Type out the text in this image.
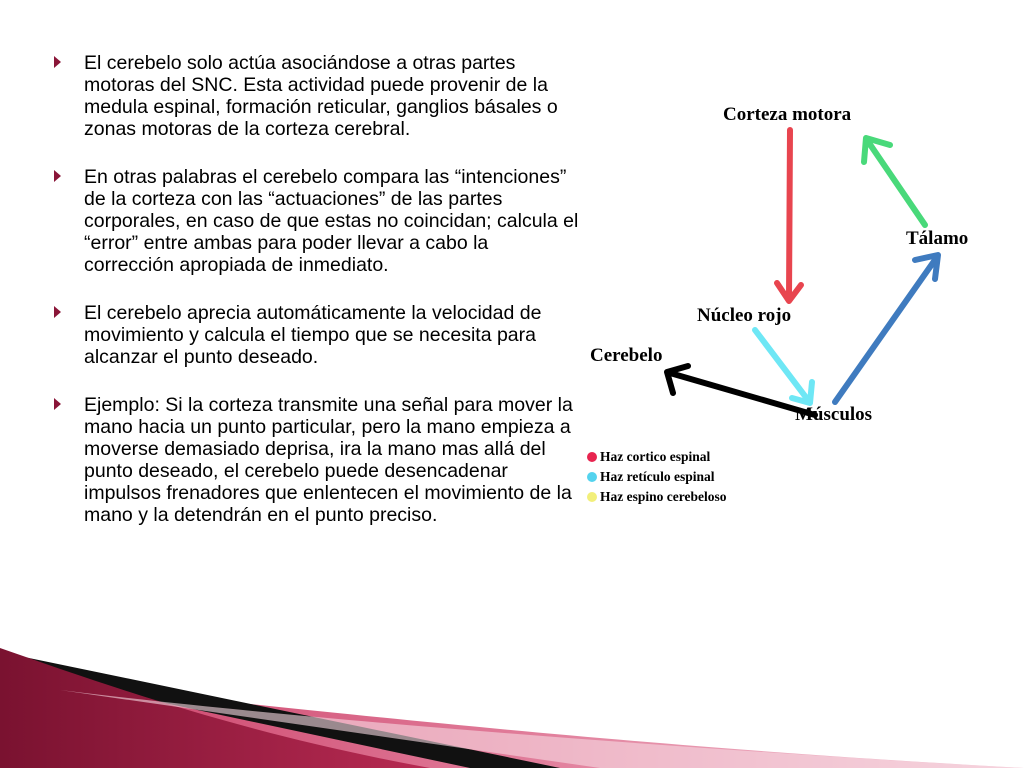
El cerebelo solo actúa asociándose a otras partes motoras del SNC. Esta actividad puede provenir de la medula espinal, formación reticular, ganglios básales o zonas motoras de la corteza cerebral.
En otras palabras el cerebelo compara las “intenciones” de la corteza con las “actuaciones” de las partes corporales, en caso de que estas no coincidan; calcula el “error” entre ambas para poder llevar a cabo la corrección apropiada de inmediato.
El cerebelo aprecia automáticamente la velocidad de movimiento y calcula el tiempo que se necesita para alcanzar el punto deseado.
Ejemplo: Si la corteza transmite una señal para mover la mano hacia un punto particular, pero la mano empieza a moverse demasiado deprisa, ira la mano mas allá del punto deseado, el cerebelo puede desencadenar impulsos frenadores que enlentecen el movimiento de la mano y la detendrán en el punto preciso.
Corteza motora
Tálamo
Núcleo rojo
Cerebelo
Músculos
Haz cortico espinal
Haz retículo espinal
Haz espino cerebeloso
